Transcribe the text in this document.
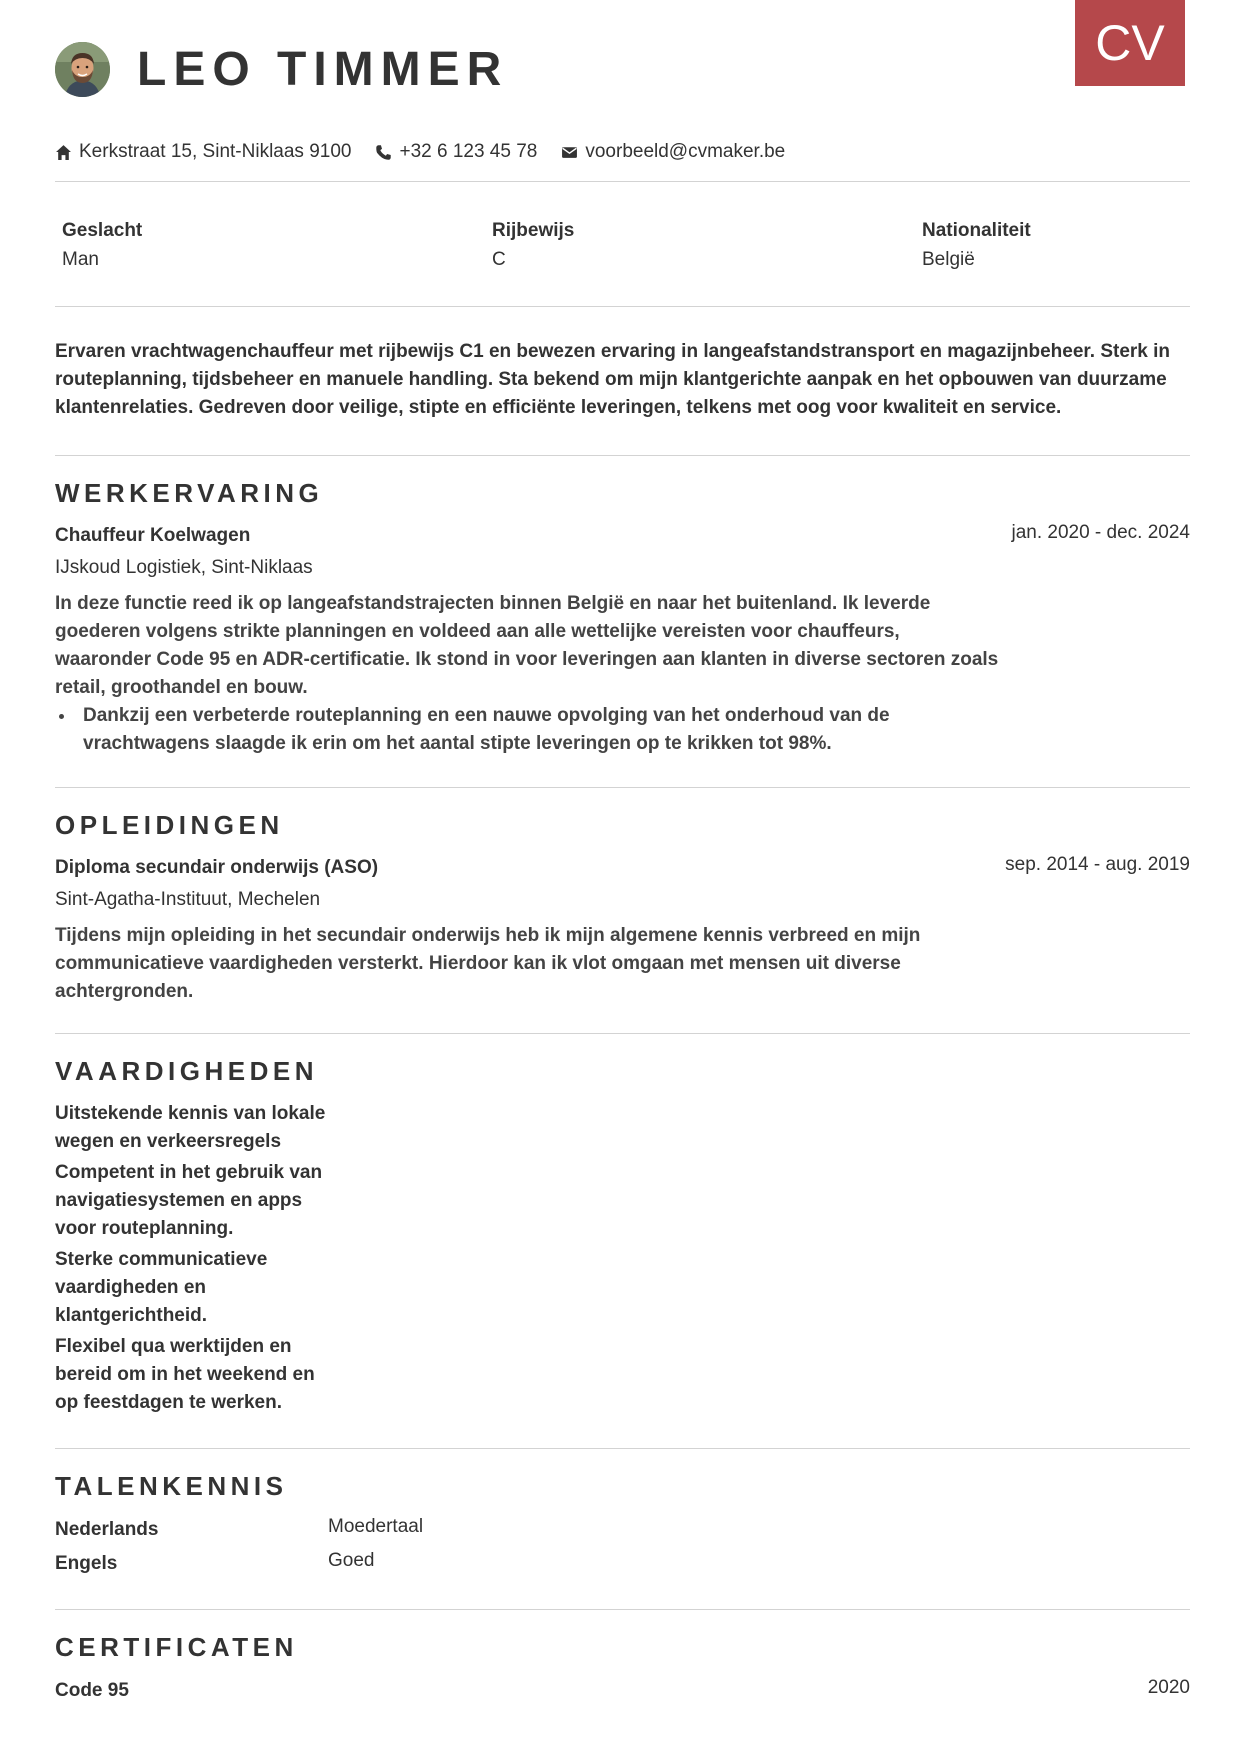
CV
LEO TIMMER
Kerkstraat 15, Sint-Niklaas 9100	+32 6 123 45 78	voorbeeld@cvmaker.be
Geslacht
Man
Rijbewijs
C
Nationaliteit
België
Ervaren vrachtwagenchauffeur met rijbewijs C1 en bewezen ervaring in langeafstandstransport en magazijnbeheer. Sterk in routeplanning, tijdsbeheer en manuele handling. Sta bekend om mijn klantgerichte aanpak en het opbouwen van duurzame klantenrelaties. Gedreven door veilige, stipte en efficiënte leveringen, telkens met oog voor kwaliteit en service.
WERKERVARING
Chauffeur Koelwagen	jan. 2020 - dec. 2024
IJskoud Logistiek, Sint-Niklaas
In deze functie reed ik op langeafstandstrajecten binnen België en naar het buitenland. Ik leverde goederen volgens strikte planningen en voldeed aan alle wettelijke vereisten voor chauffeurs, waaronder Code 95 en ADR-certificatie. Ik stond in voor leveringen aan klanten in diverse sectoren zoals retail, groothandel en bouw.
Dankzij een verbeterde routeplanning en een nauwe opvolging van het onderhoud van de vrachtwagens slaagde ik erin om het aantal stipte leveringen op te krikken tot 98%.
OPLEIDINGEN
Diploma secundair onderwijs (ASO)	sep. 2014 - aug. 2019
Sint-Agatha-Instituut, Mechelen
Tijdens mijn opleiding in het secundair onderwijs heb ik mijn algemene kennis verbreed en mijn communicatieve vaardigheden versterkt. Hierdoor kan ik vlot omgaan met mensen uit diverse achtergronden.
VAARDIGHEDEN
Uitstekende kennis van lokale wegen en verkeersregels
Competent in het gebruik van navigatiesystemen en apps voor routeplanning.
Sterke communicatieve vaardigheden en klantgerichtheid.
Flexibel qua werktijden en bereid om in het weekend en op feestdagen te werken.
TALENKENNIS
Nederlands	Moedertaal
Engels	Goed
CERTIFICATEN
Code 95	2020
